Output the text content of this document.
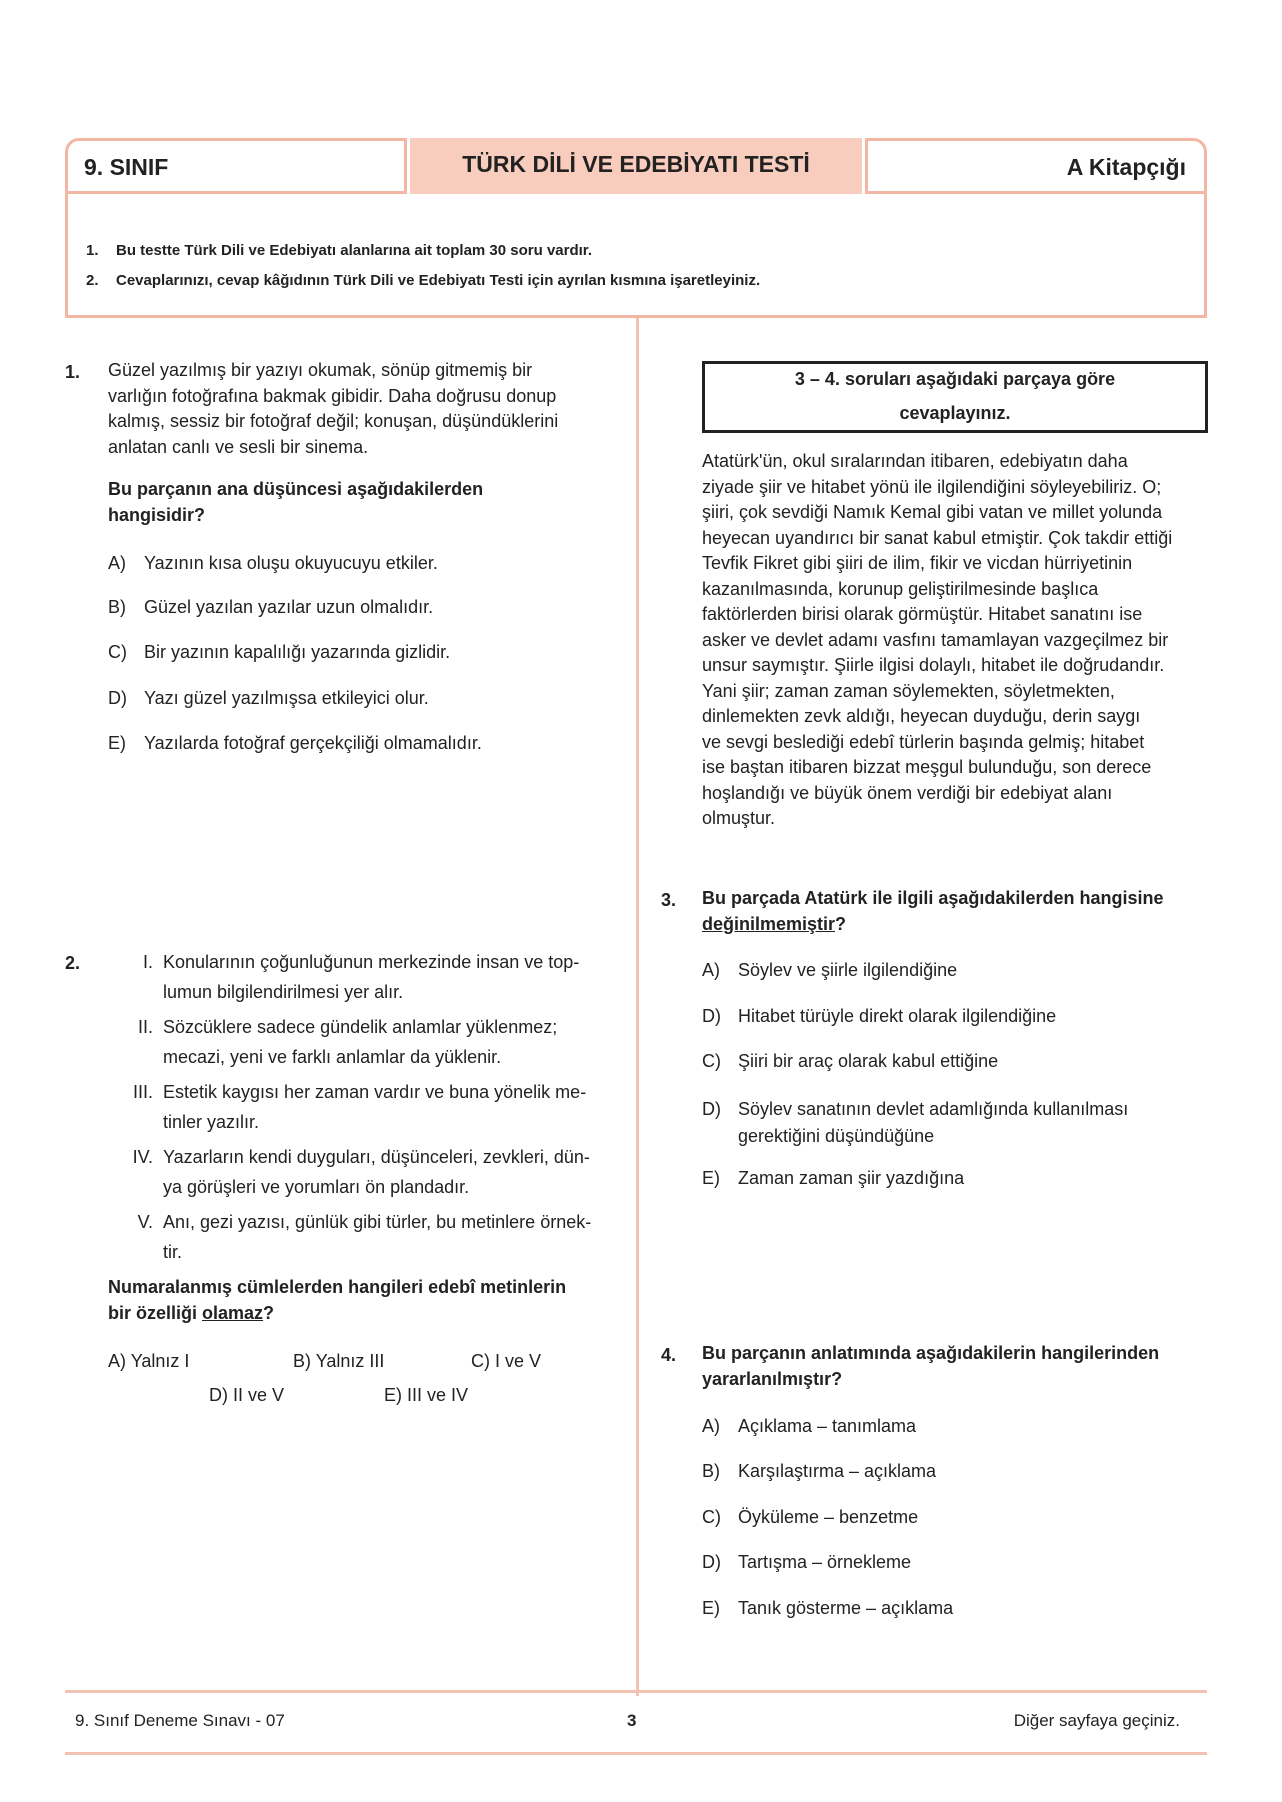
9. SINIF	TÜRK DİLİ VE EDEBİYATI TESTİ	A Kitapçığı
1. Bu testte Türk Dili ve Edebiyatı alanlarına ait toplam 30 soru vardır.
2. Cevaplarınızı, cevap kâğıdının Türk Dili ve Edebiyatı Testi için ayrılan kısmına işaretleyiniz.
1. Güzel yazılmış bir yazıyı okumak, sönüp gitmemiş bir
varlığın fotoğrafına bakmak gibidir. Daha doğrusu donup
kalmış, sessiz bir fotoğraf değil; konuşan, düşündüklerini
anlatan canlı ve sesli bir sinema.
Bu parçanın ana düşüncesi aşağıdakilerden
hangisidir?
A) Yazının kısa oluşu okuyucuyu etkiler.
B) Güzel yazılan yazılar uzun olmalıdır.
C) Bir yazının kapalılığı yazarında gizlidir.
D) Yazı güzel yazılmışsa etkileyici olur.
E) Yazılarda fotoğraf gerçekçiliği olmamalıdır.
2.	I. Konularının çoğunluğunun merkezinde insan ve top-
lumun bilgilendirilmesi yer alır.
II. Sözcüklere sadece gündelik anlamlar yüklenmez;
mecazi, yeni ve farklı anlamlar da yüklenir.
III. Estetik kaygısı her zaman vardır ve buna yönelik me-
tinler yazılır.
IV. Yazarların kendi duyguları, düşünceleri, zevkleri, dün-
ya görüşleri ve yorumları ön plandadır.
V. Anı, gezi yazısı, günlük gibi türler, bu metinlere örnek-
tir.
Numaralanmış cümlelerden hangileri edebî metinlerin
bir özelliği olamaz?
A) Yalnız I	B) Yalnız III	C) I ve V
D) II ve V	E) III ve IV
3 – 4. soruları aşağıdaki parçaya göre
cevaplayınız.
Atatürk'ün, okul sıralarından itibaren, edebiyatın daha
ziyade şiir ve hitabet yönü ile ilgilendiğini söyleyebiliriz. O;
şiiri, çok sevdiği Namık Kemal gibi vatan ve millet yolunda
heyecan uyandırıcı bir sanat kabul etmiştir. Çok takdir ettiği
Tevfik Fikret gibi şiiri de ilim, fikir ve vicdan hürriyetinin
kazanılmasında, korunup geliştirilmesinde başlıca
faktörlerden birisi olarak görmüştür. Hitabet sanatını ise
asker ve devlet adamı vasfını tamamlayan vazgeçilmez bir
unsur saymıştır. Şiirle ilgisi dolaylı, hitabet ile doğrudandır.
Yani şiir; zaman zaman söylemekten, söyletmekten,
dinlemekten zevk aldığı, heyecan duyduğu, derin saygı
ve sevgi beslediği edebî türlerin başında gelmiş; hitabet
ise baştan itibaren bizzat meşgul bulunduğu, son derece
hoşlandığı ve büyük önem verdiği bir edebiyat alanı
olmuştur.
3. Bu parçada Atatürk ile ilgili aşağıdakilerden hangisine
değinilmemiştir?
A) Söylev ve şiirle ilgilendiğine
D) Hitabet türüyle direkt olarak ilgilendiğine
C) Şiiri bir araç olarak kabul ettiğine
D) Söylev sanatının devlet adamlığında kullanılması
gerektiğini düşündüğüne
E) Zaman zaman şiir yazdığına
4. Bu parçanın anlatımında aşağıdakilerin hangilerinden
yararlanılmıştır?
A) Açıklama – tanımlama
B) Karşılaştırma – açıklama
C) Öyküleme – benzetme
D) Tartışma – örnekleme
E) Tanık gösterme – açıklama
9. Sınıf Deneme Sınavı - 07	3	Diğer sayfaya geçiniz.
